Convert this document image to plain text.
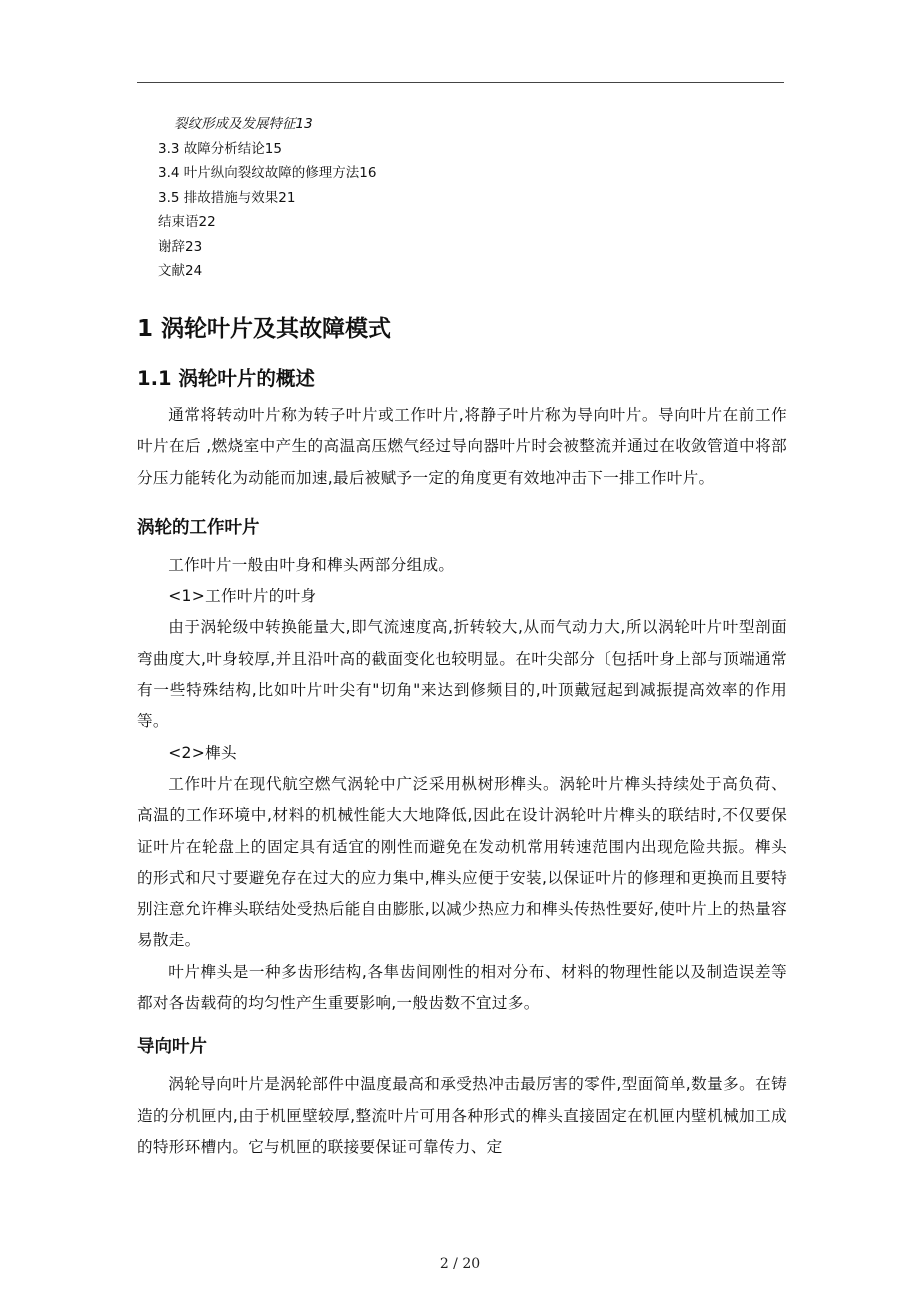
裂纹形成及发展特征13
3.3 故障分析结论15
3.4 叶片纵向裂纹故障的修理方法16
3.5 排故措施与效果21
结束语22
谢辞23
文献24
1 涡轮叶片及其故障模式
1.1 涡轮叶片的概述

通常将转动叶片称为转子叶片或工作叶片,将静子叶片称为导向叶片。导向叶片在前工作叶片在后 ,燃烧室中产生的高温高压燃气经过导向器叶片时会被整流并通过在收敛管道中将部分压力能转化为动能而加速,最后被赋予一定的角度更有效地冲击下一排工作叶片。

涡轮的工作叶片

工作叶片一般由叶身和榫头两部分组成。

<1>工作叶片的叶身

由于涡轮级中转换能量大,即气流速度高,折转较大,从而气动力大,所以涡轮叶片叶型剖面弯曲度大,叶身较厚,并且沿叶高的截面变化也较明显。在叶尖部分〔包括叶身上部与顶端通常有一些特殊结构,比如叶片叶尖有"切角"来达到修频目的,叶顶戴冠起到减振提高效率的作用等。

<2>榫头

工作叶片在现代航空燃气涡轮中广泛采用枞树形榫头。涡轮叶片榫头持续处于高负荷、高温的工作环境中,材料的机械性能大大地降低,因此在设计涡轮叶片榫头的联结时,不仅要保证叶片在轮盘上的固定具有适宜的刚性而避免在发动机常用转速范围内出现危险共振。榫头的形式和尺寸要避免存在过大的应力集中,榫头应便于安装,以保证叶片的修理和更换而且要特别注意允许榫头联结处受热后能自由膨胀,以减少热应力和榫头传热性要好,使叶片上的热量容易散走。

叶片榫头是一种多齿形结构,各隼齿间刚性的相对分布、材料的物理性能以及制造误差等都对各齿载荷的均匀性产生重要影响,一般齿数不宜过多。

导向叶片

涡轮导向叶片是涡轮部件中温度最高和承受热冲击最厉害的零件,型面简单,数量多。在铸造的分机匣内,由于机匣壁较厚,整流叶片可用各种形式的榫头直接固定在机匣内壁机械加工成的特形环槽内。它与机匣的联接要保证可靠传力、定

2 / 20
